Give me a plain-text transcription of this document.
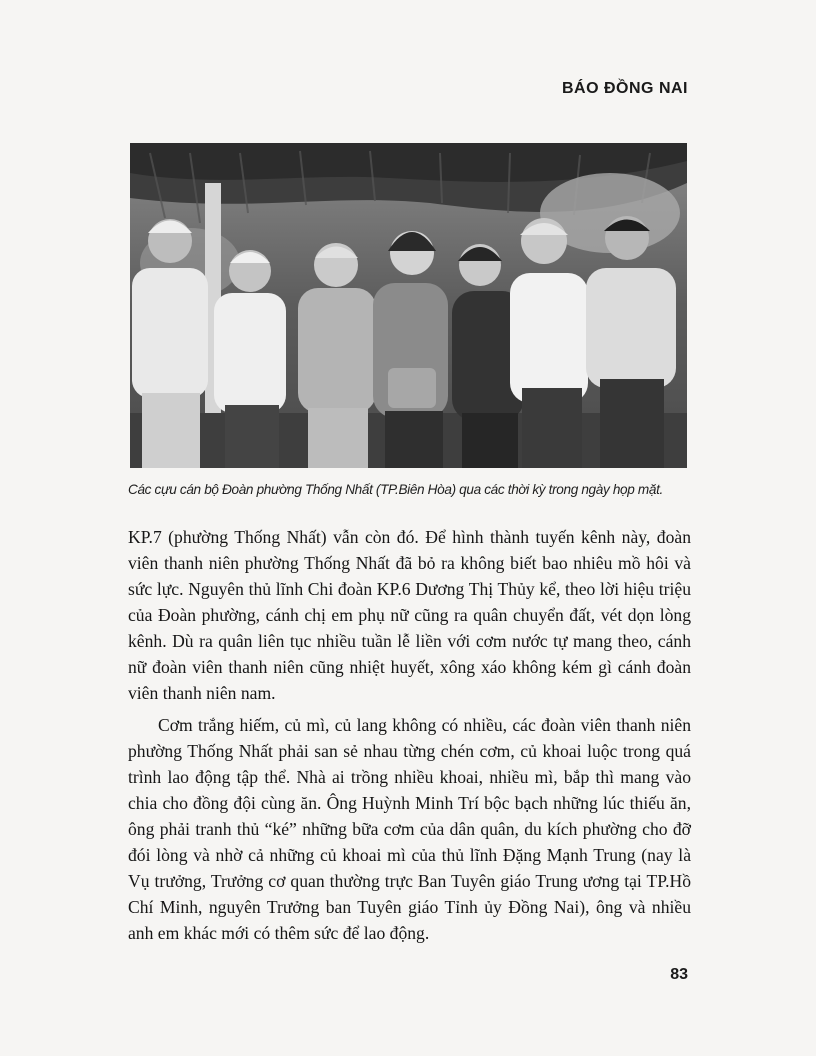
BÁO ĐỒNG NAI
Các cựu cán bộ Đoàn phường Thống Nhất (TP.Biên Hòa) qua các thời kỳ trong ngày họp mặt.

KP.7 (phường Thống Nhất) vẫn còn đó. Để hình thành tuyến kênh này, đoàn viên thanh niên phường Thống Nhất đã bỏ ra không biết bao nhiêu mồ hôi và sức lực. Nguyên thủ lĩnh Chi đoàn KP.6 Dương Thị Thủy kể, theo lời hiệu triệu của Đoàn phường, cánh chị em phụ nữ cũng ra quân chuyển đất, vét dọn lòng kênh. Dù ra quân liên tục nhiều tuần lễ liền với cơm nước tự mang theo, cánh nữ đoàn viên thanh niên cũng nhiệt huyết, xông xáo không kém gì cánh đoàn viên thanh niên nam.

Cơm trắng hiếm, củ mì, củ lang không có nhiều, các đoàn viên thanh niên phường Thống Nhất phải san sẻ nhau từng chén cơm, củ khoai luộc trong quá trình lao động tập thể. Nhà ai trồng nhiều khoai, nhiều mì, bắp thì mang vào chia cho đồng đội cùng ăn. Ông Huỳnh Minh Trí bộc bạch những lúc thiếu ăn, ông phải tranh thủ “ké” những bữa cơm của dân quân, du kích phường cho đỡ đói lòng và nhờ cả những củ khoai mì của thủ lĩnh Đặng Mạnh Trung (nay là Vụ trưởng, Trưởng cơ quan thường trực Ban Tuyên giáo Trung ương tại TP.Hồ Chí Minh, nguyên Trưởng ban Tuyên giáo Tỉnh ủy Đồng Nai), ông và nhiều anh em khác mới có thêm sức để lao động.

83
